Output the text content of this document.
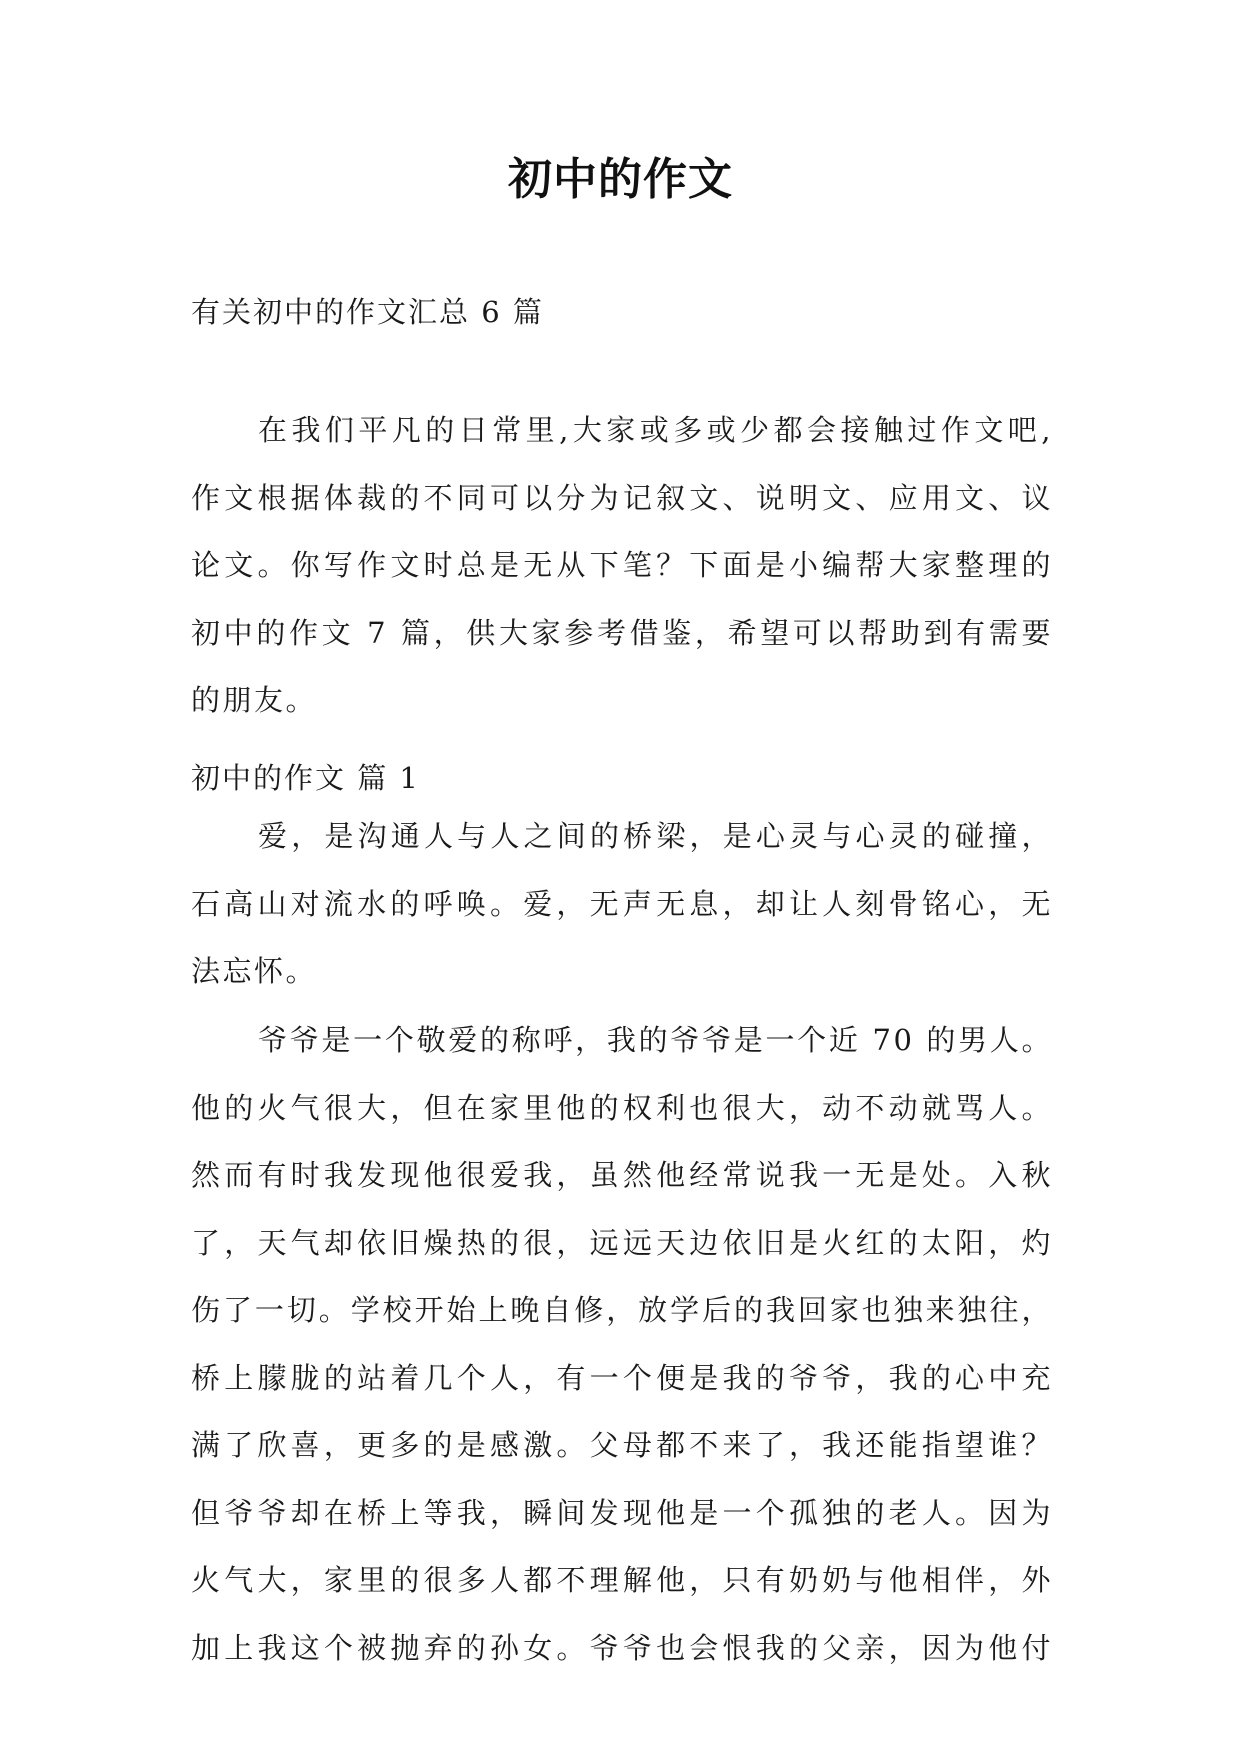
初中的作文

有关初中的作文汇总 6 篇

在我们平凡的日常里,大家或多或少都会接触过作文吧,
作文根据体裁的不同可以分为记叙文、说明文、应用文、议
论文。你写作文时总是无从下笔？下面是小编帮大家整理的
初中的作文 7 篇，供大家参考借鉴，希望可以帮助到有需要
的朋友。

初中的作文 篇 1

爱，是沟通人与人之间的桥梁，是心灵与心灵的碰撞，
石高山对流水的呼唤。爱，无声无息，却让人刻骨铭心，无
法忘怀。
爷爷是一个敬爱的称呼，我的爷爷是一个近 70 的男人。
他的火气很大，但在家里他的权利也很大，动不动就骂人。
然而有时我发现他很爱我，虽然他经常说我一无是处。入秋
了，天气却依旧燥热的很，远远天边依旧是火红的太阳，灼
伤了一切。学校开始上晚自修，放学后的我回家也独来独往，
桥上朦胧的站着几个人，有一个便是我的爷爷，我的心中充
满了欣喜，更多的是感激。父母都不来了，我还能指望谁？
但爷爷却在桥上等我，瞬间发现他是一个孤独的老人。因为
火气大，家里的很多人都不理解他，只有奶奶与他相伴，外
加上我这个被抛弃的孙女。爷爷也会恨我的父亲，因为他付
